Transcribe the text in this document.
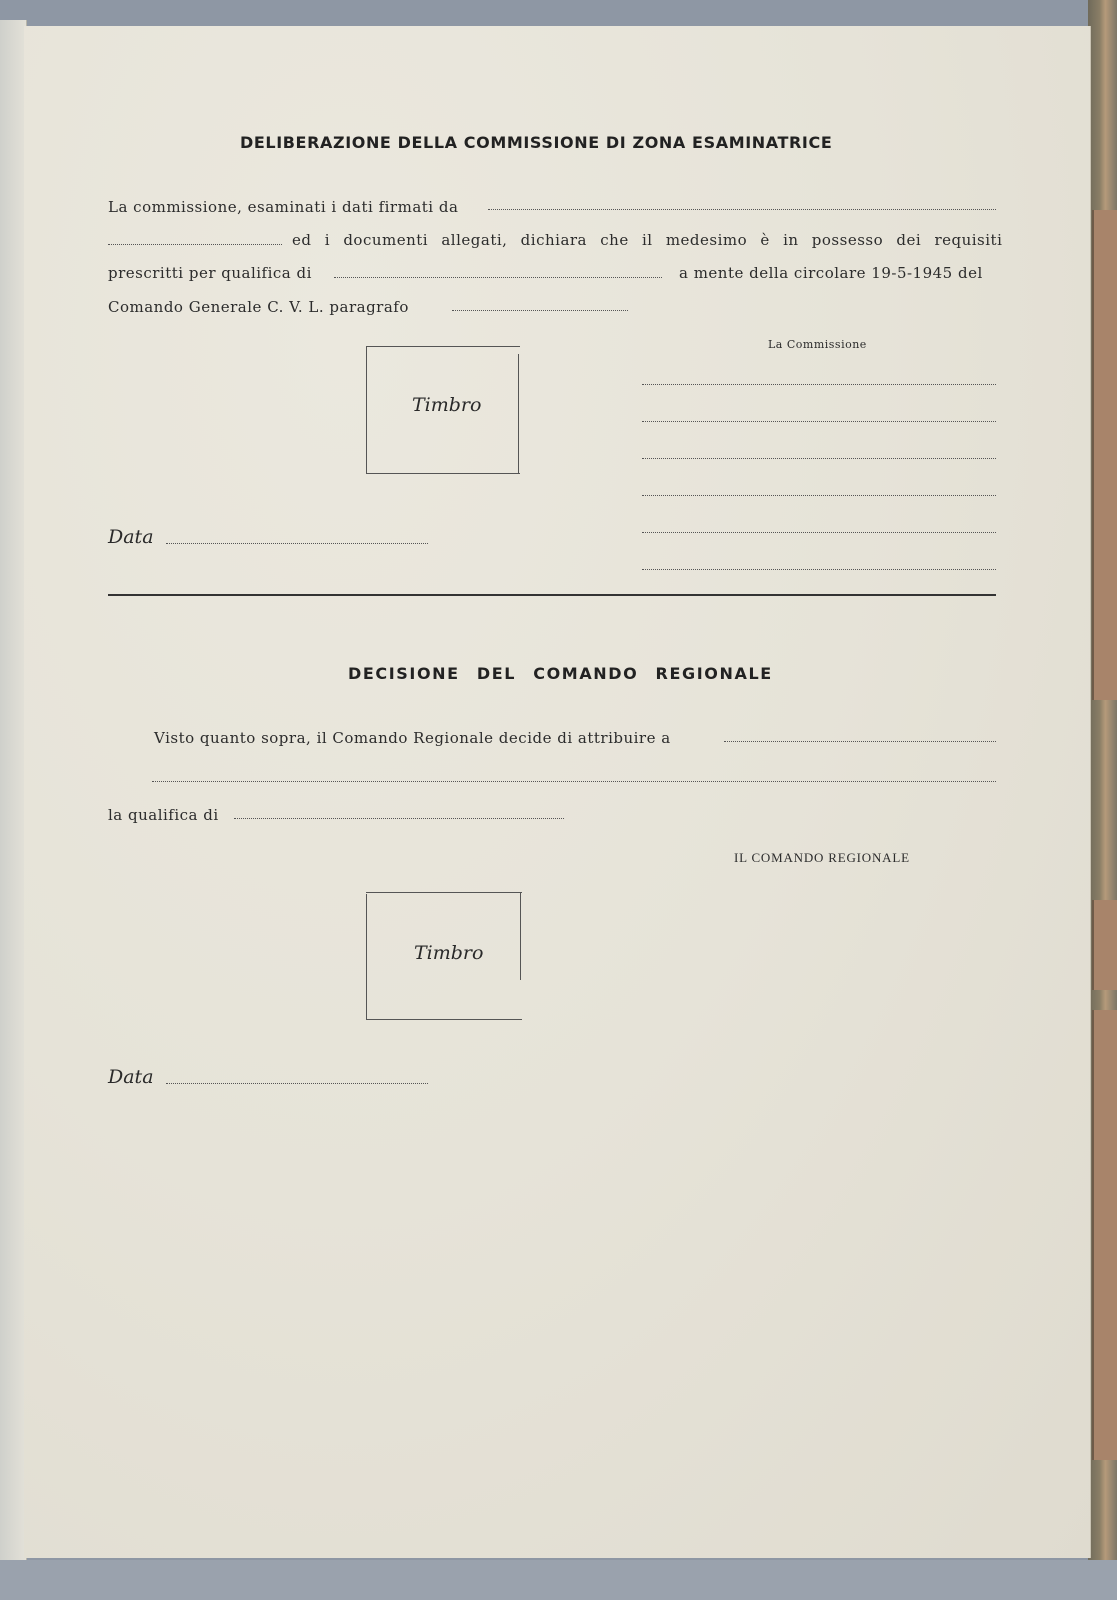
DELIBERAZIONE DELLA COMMISSIONE DI ZONA ESAMINATRICE
La commissione, esaminati i dati firmati da
ed i documenti allegati, dichiara che il medesimo è in possesso dei requisiti
prescritti per qualifica di	a mente della circolare 19-5-1945 del
Comando Generale C. V. L. paragrafo
La Commissione
Timbro
Data
DECISIONE DEL COMANDO REGIONALE
Visto quanto sopra, il Comando Regionale decide di attribuire a
la qualifica di
IL COMANDO REGIONALE
Timbro
Data
